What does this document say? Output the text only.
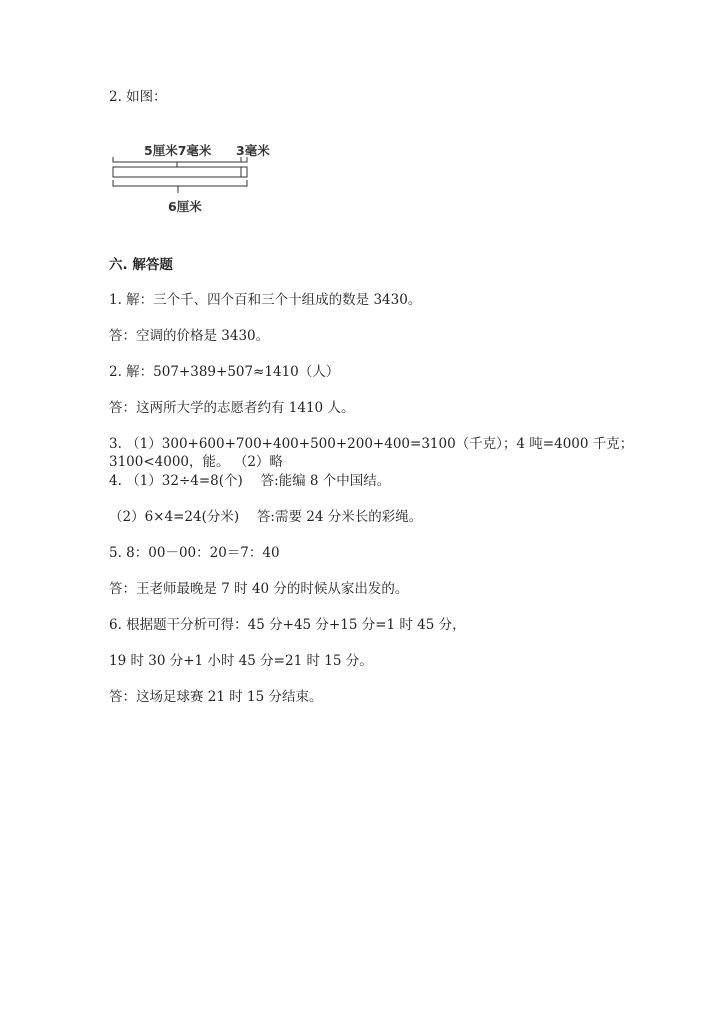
2. 如图：
5厘米7毫米 3毫米
6厘米
六. 解答题
1. 解：三个千、四个百和三个十组成的数是 3430。
答：空调的价格是 3430。
2. 解：507+389+507≈1410（人）
答：这两所大学的志愿者约有 1410 人。
3. （1）300+600+700+400+500+200+400=3100（千克）；4 吨=4000 千克；
3100<4000，能。 （2）略
4. （1）32÷4=8(个)　 答:能编 8 个中国结。
（2）6×4=24(分米)　 答:需要 24 分米长的彩绳。
5. 8：00－00：20＝7：40
答：王老师最晚是 7 时 40 分的时候从家出发的。
6. 根据题干分析可得：45 分+45 分+15 分=1 时 45 分，
19 时 30 分+1 小时 45 分=21 时 15 分。
答：这场足球赛 21 时 15 分结束。
